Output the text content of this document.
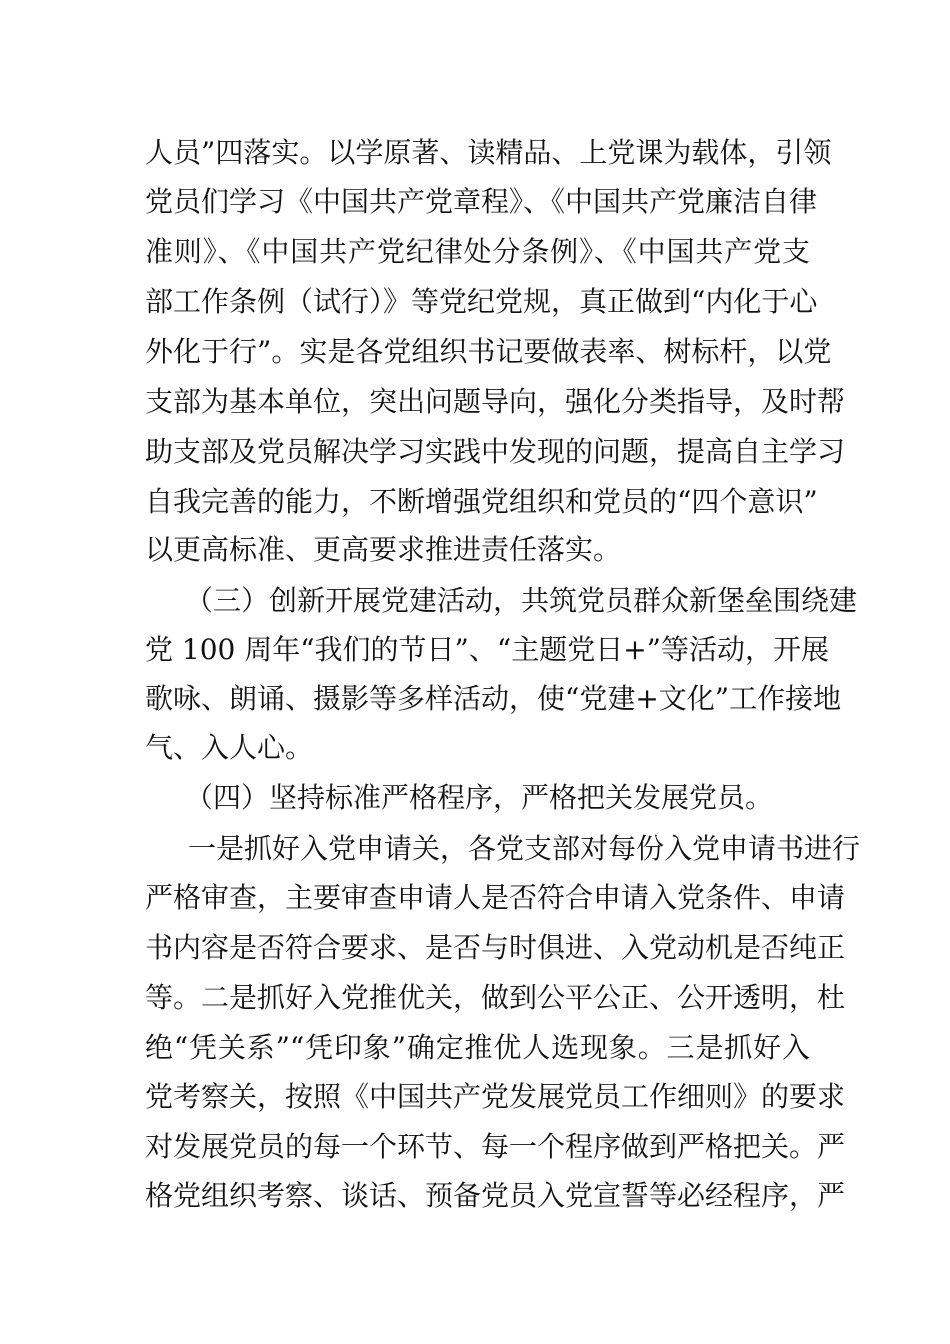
人员”四落实。以学原著、读精品、上党课为载体，引领
党员们学习《中国共产党章程》、《中国共产党廉洁自律
准则》、《中国共产党纪律处分条例》、《中国共产党支
部工作条例（试行）》等党纪党规，真正做到“内化于心
外化于行”。实是各党组织书记要做表率、树标杆，以党
支部为基本单位，突出问题导向，强化分类指导，及时帮
助支部及党员解决学习实践中发现的问题，提高自主学习
自我完善的能力，不断增强党组织和党员的“四个意识”
以更高标准、更高要求推进责任落实。
（三）创新开展党建活动，共筑党员群众新堡垒围绕建
党 100 周年“我们的节日”、“主题党日+”等活动，开展
歌咏、朗诵、摄影等多样活动，使“党建+文化”工作接地
气、入人心。
（四）坚持标准严格程序，严格把关发展党员。
一是抓好入党申请关，各党支部对每份入党申请书进行
严格审查，主要审查申请人是否符合申请入党条件、申请
书内容是否符合要求、是否与时俱进、入党动机是否纯正
等。二是抓好入党推优关，做到公平公正、公开透明，杜
绝“凭关系”“凭印象”确定推优人选现象。三是抓好入
党考察关，按照《中国共产党发展党员工作细则》的要求
对发展党员的每一个环节、每一个程序做到严格把关。严
格党组织考察、谈话、预备党员入党宣誓等必经程序，严
